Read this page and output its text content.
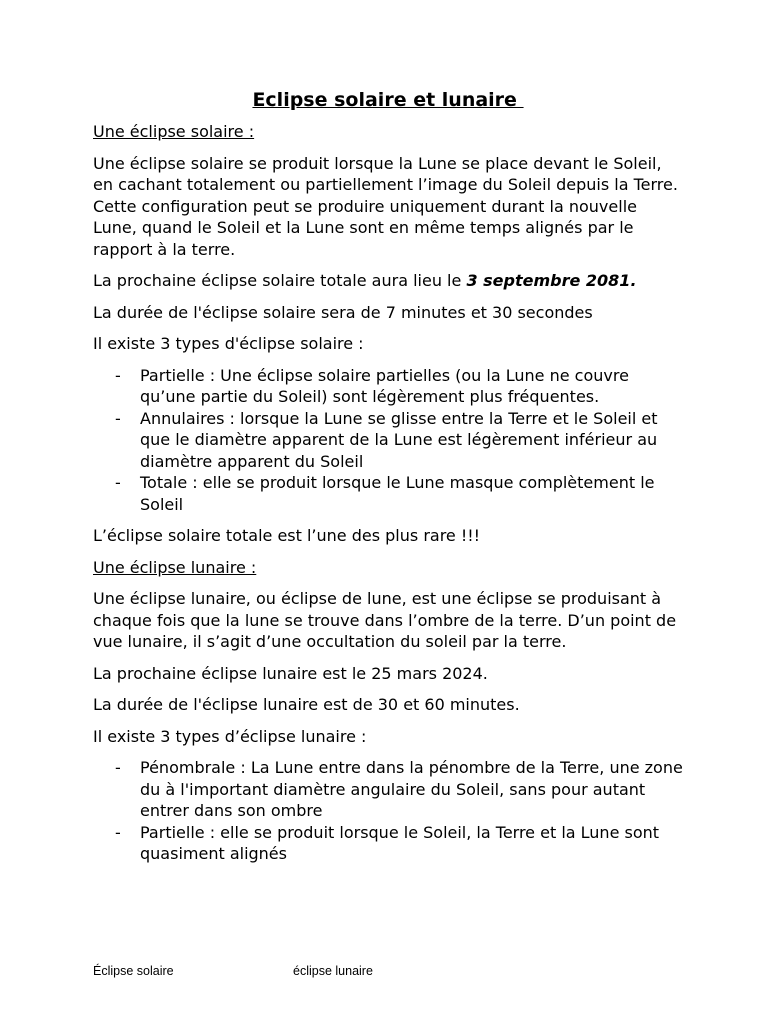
Eclipse solaire et lunaire
Une éclipse solaire :

Une éclipse solaire se produit lorsque la Lune se place devant le Soleil, en cachant totalement ou partiellement l’image du Soleil depuis la Terre. Cette configuration peut se produire uniquement durant la nouvelle Lune, quand le Soleil et la Lune sont en même temps alignés par le rapport à la terre.

La prochaine éclipse solaire totale aura lieu le 3 septembre 2081.

La durée de l'éclipse solaire sera de 7 minutes et 30 secondes

Il existe 3 types d'éclipse solaire :

- Partielle : Une éclipse solaire partielles (ou la Lune ne couvre qu’une partie du Soleil) sont légèrement plus fréquentes.
- Annulaires : lorsque la Lune se glisse entre la Terre et le Soleil et que le diamètre apparent de la Lune est légèrement inférieur au diamètre apparent du Soleil
- Totale : elle se produit lorsque le Lune masque complètement le Soleil

L’éclipse solaire totale est l’une des plus rare !!!

Une éclipse lunaire :

Une éclipse lunaire, ou éclipse de lune, est une éclipse se produisant à chaque fois que la lune se trouve dans l’ombre de la terre. D’un point de vue lunaire, il s’agit d’une occultation du soleil par la terre.

La prochaine éclipse lunaire est le 25 mars 2024.

La durée de l'éclipse lunaire est de 30 et 60 minutes.

Il existe 3 types d’éclipse lunaire :

- Pénombrale : La Lune entre dans la pénombre de la Terre, une zone du à l'important diamètre angulaire du Soleil, sans pour autant entrer dans son ombre
- Partielle : elle se produit lorsque le Soleil, la Terre et la Lune sont quasiment alignés
Éclipse solaire	éclipse lunaire
